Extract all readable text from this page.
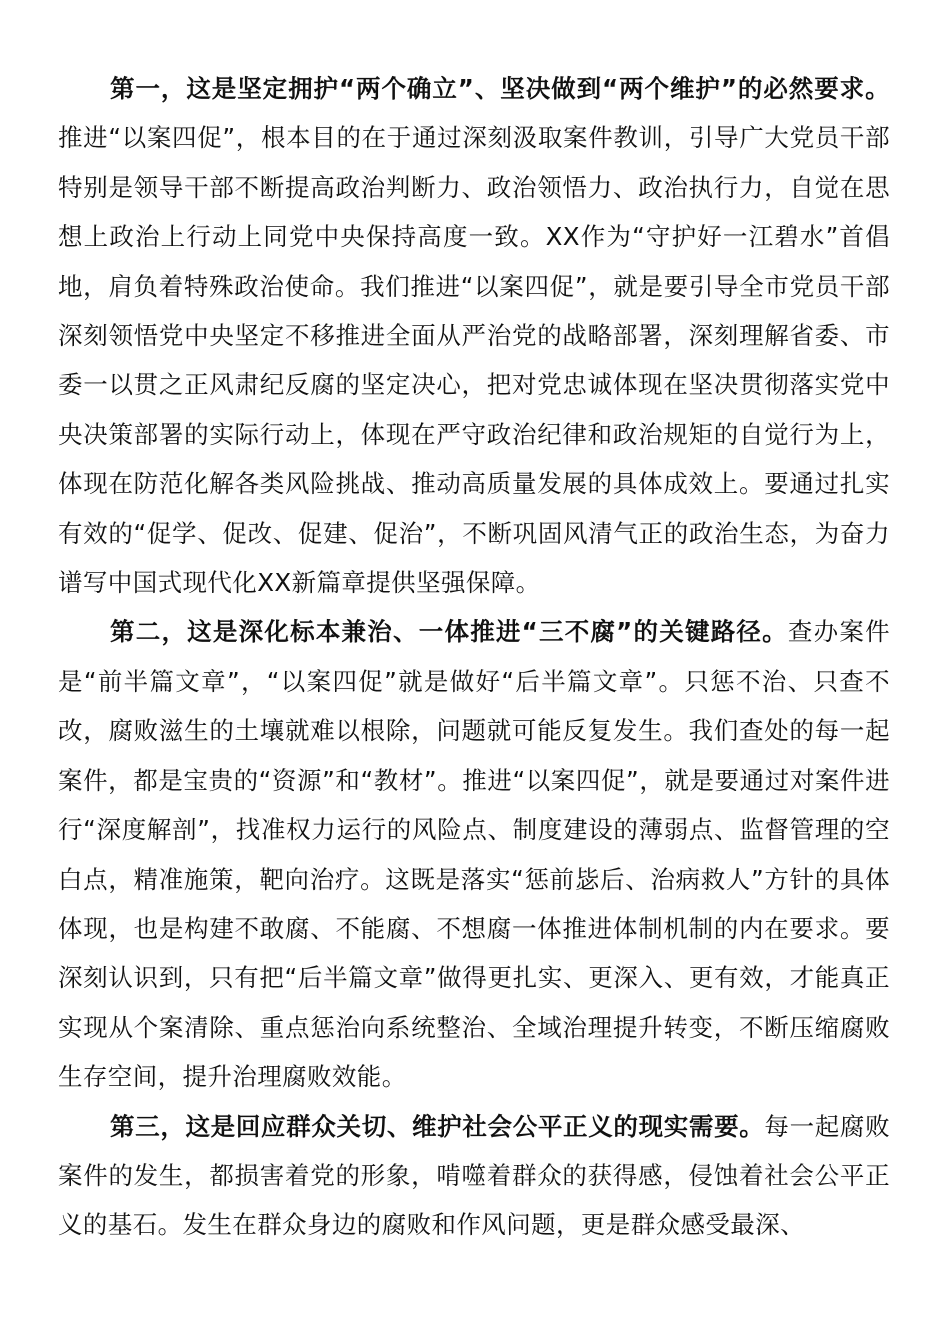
第一，这是坚定拥护“两个确立”、坚决做到“两个维护”的必然要求。推进“以案四促”，根本目的在于通过深刻汲取案件教训，引导广大党员干部特别是领导干部不断提高政治判断力、政治领悟力、政治执行力，自觉在思想上政治上行动上同党中央保持高度一致。XX作为“守护好一江碧水”首倡地，肩负着特殊政治使命。我们推进“以案四促”，就是要引导全市党员干部深刻领悟党中央坚定不移推进全面从严治党的战略部署，深刻理解省委、市委一以贯之正风肃纪反腐的坚定决心，把对党忠诚体现在坚决贯彻落实党中央决策部署的实际行动上，体现在严守政治纪律和政治规矩的自觉行为上，体现在防范化解各类风险挑战、推动高质量发展的具体成效上。要通过扎实有效的“促学、促改、促建、促治”，不断巩固风清气正的政治生态，为奋力谱写中国式现代化XX新篇章提供坚强保障。

第二，这是深化标本兼治、一体推进“三不腐”的关键路径。查办案件是“前半篇文章”，“以案四促”就是做好“后半篇文章”。只惩不治、只查不改，腐败滋生的土壤就难以根除，问题就可能反复发生。我们查处的每一起案件，都是宝贵的“资源”和“教材”。推进“以案四促”，就是要通过对案件进行“深度解剖”，找准权力运行的风险点、制度建设的薄弱点、监督管理的空白点，精准施策，靶向治疗。这既是落实“惩前毖后、治病救人”方针的具体体现，也是构建不敢腐、不能腐、不想腐一体推进体制机制的内在要求。要深刻认识到，只有把“后半篇文章”做得更扎实、更深入、更有效，才能真正实现从个案清除、重点惩治向系统整治、全域治理提升转变，不断压缩腐败生存空间，提升治理腐败效能。

第三，这是回应群众关切、维护社会公平正义的现实需要。每一起腐败案件的发生，都损害着党的形象，啃噬着群众的获得感，侵蚀着社会公平正义的基石。发生在群众身边的腐败和作风问题，更是群众感受最深、
